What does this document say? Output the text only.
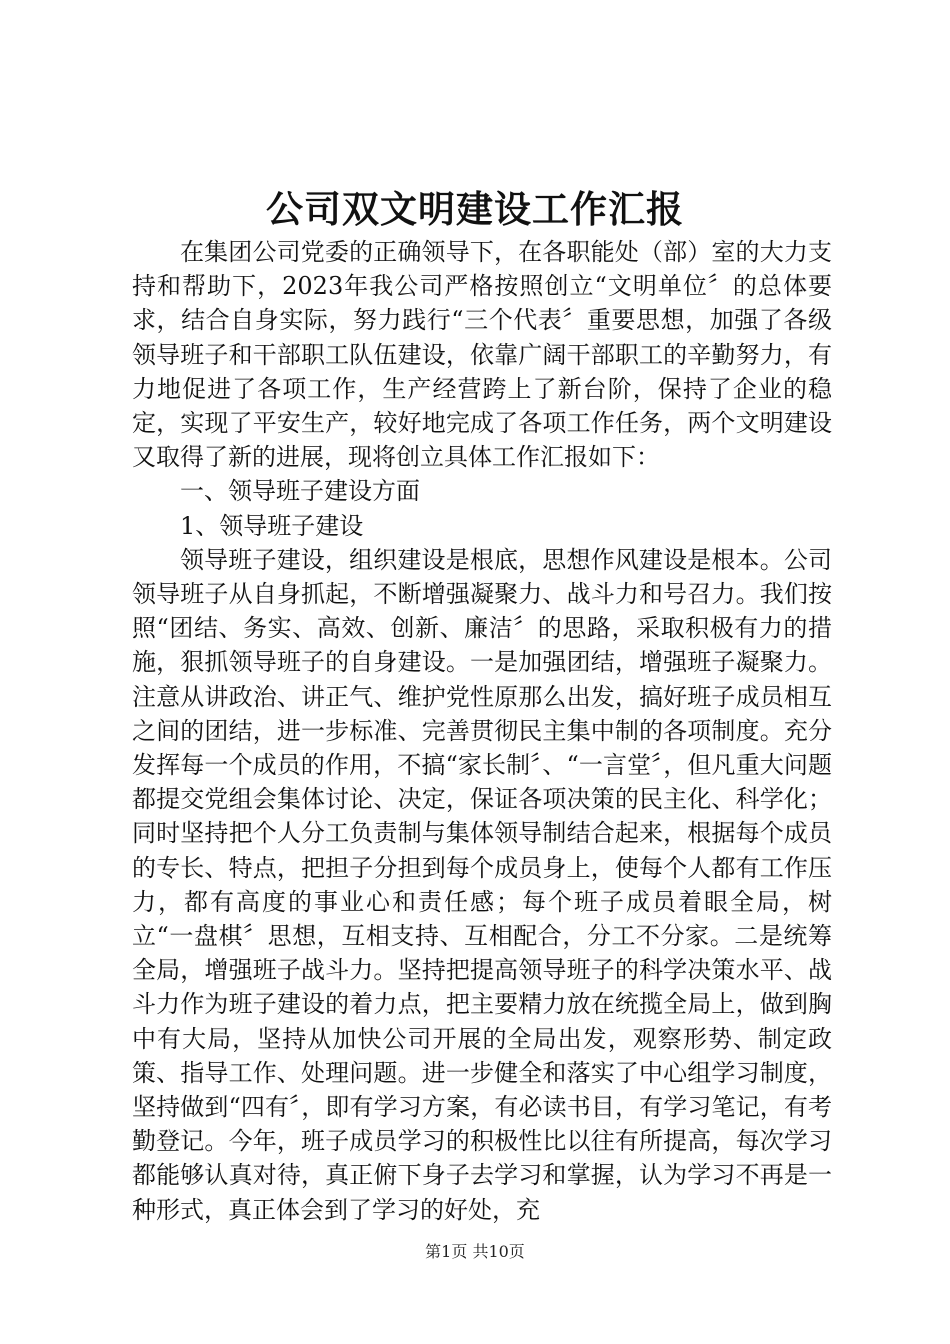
公司双文明建设工作汇报

在集团公司党委的正确领导下，在各职能处（部）室的大力支持和帮助下，2023年我公司严格按照创立“文明单位〞的总体要求，结合自身实际，努力践行“三个代表〞重要思想，加强了各级领导班子和干部职工队伍建设，依靠广阔干部职工的辛勤努力，有力地促进了各项工作，生产经营跨上了新台阶，保持了企业的稳定，实现了平安生产，较好地完成了各项工作任务，两个文明建设又取得了新的进展，现将创立具体工作汇报如下：

一、领导班子建设方面

1、领导班子建设

领导班子建设，组织建设是根底，思想作风建设是根本。公司领导班子从自身抓起，不断增强凝聚力、战斗力和号召力。我们按照“团结、务实、高效、创新、廉洁〞的思路，采取积极有力的措施，狠抓领导班子的自身建设。一是加强团结，增强班子凝聚力。注意从讲政治、讲正气、维护党性原那么出发，搞好班子成员相互之间的团结，进一步标准、完善贯彻民主集中制的各项制度。充分发挥每一个成员的作用，不搞“家长制〞、“一言堂〞，但凡重大问题都提交党组会集体讨论、决定，保证各项决策的民主化、科学化；同时坚持把个人分工负责制与集体领导制结合起来，根据每个成员的专长、特点，把担子分担到每个成员身上，使每个人都有工作压力，都有高度的事业心和责任感；每个班子成员着眼全局，树立“一盘棋〞思想，互相支持、互相配合，分工不分家。二是统筹全局，增强班子战斗力。坚持把提高领导班子的科学决策水平、战斗力作为班子建设的着力点，把主要精力放在统揽全局上，做到胸中有大局，坚持从加快公司开展的全局出发，观察形势、制定政策、指导工作、处理问题。进一步健全和落实了中心组学习制度，坚持做到“四有〞，即有学习方案，有必读书目，有学习笔记，有考勤登记。今年，班子成员学习的积极性比以往有所提高，每次学习都能够认真对待，真正俯下身子去学习和掌握，认为学习不再是一种形式，真正体会到了学习的好处，充

第1页 共10页
